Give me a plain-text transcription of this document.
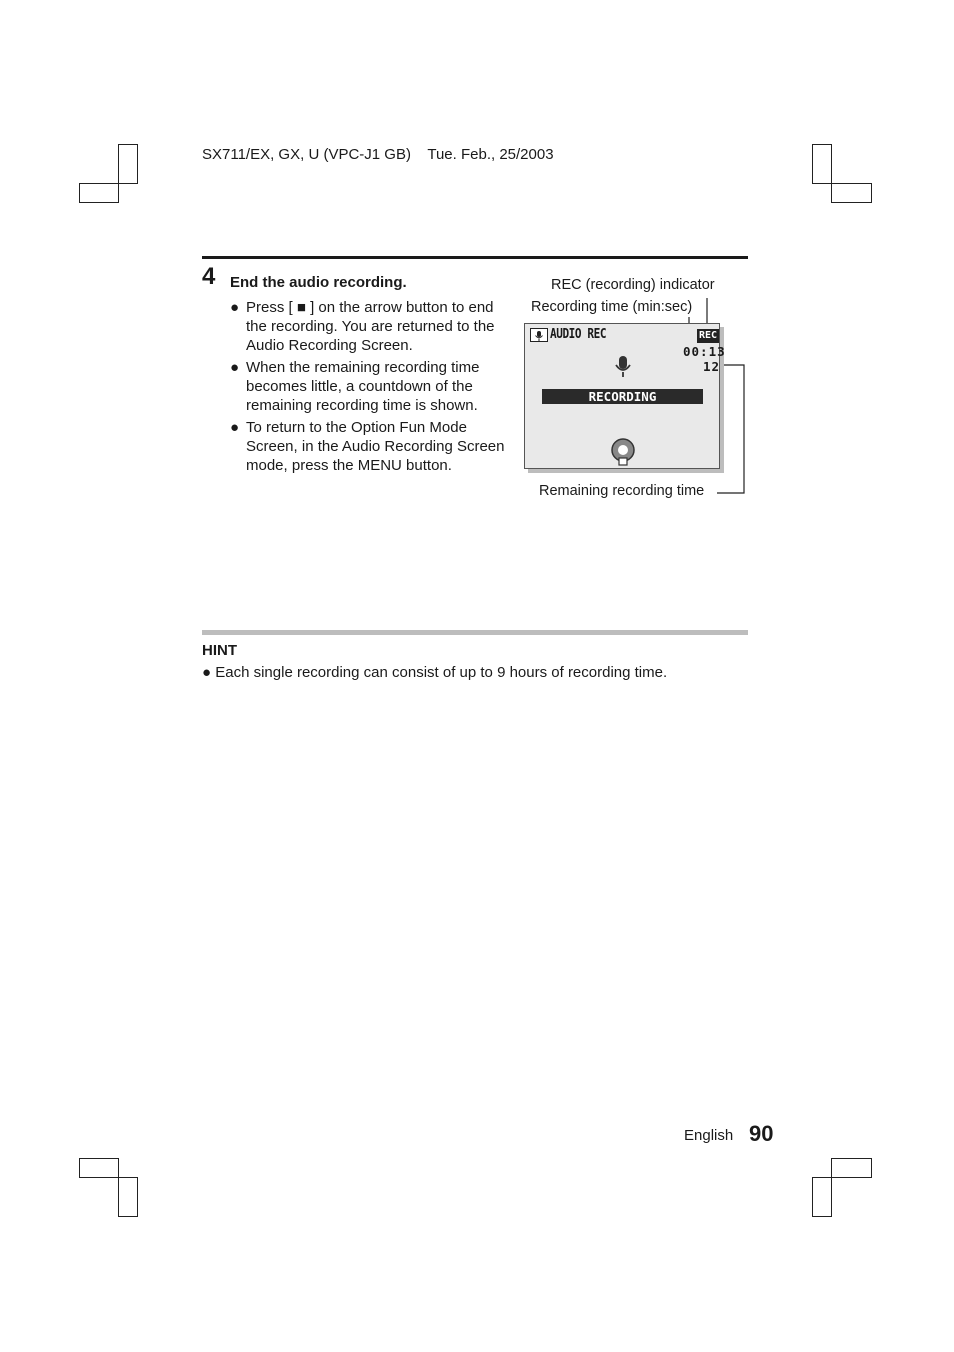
SX711/EX, GX, U (VPC-J1 GB) Tue. Feb., 25/2003
4 End the audio recording.
● Press [ ■ ] on the arrow button to end the recording. You are returned to the Audio Recording Screen.
● When the remaining recording time becomes little, a countdown of the remaining recording time is shown.
● To return to the Option Fun Mode Screen, in the Audio Recording Screen mode, press the MENU button.
REC (recording) indicator
Recording time (min:sec)
Remaining recording time
AUDIO REC	REC
00:13
12
RECORDING
HINT
● Each single recording can consist of up to 9 hours of recording time.
English 90
